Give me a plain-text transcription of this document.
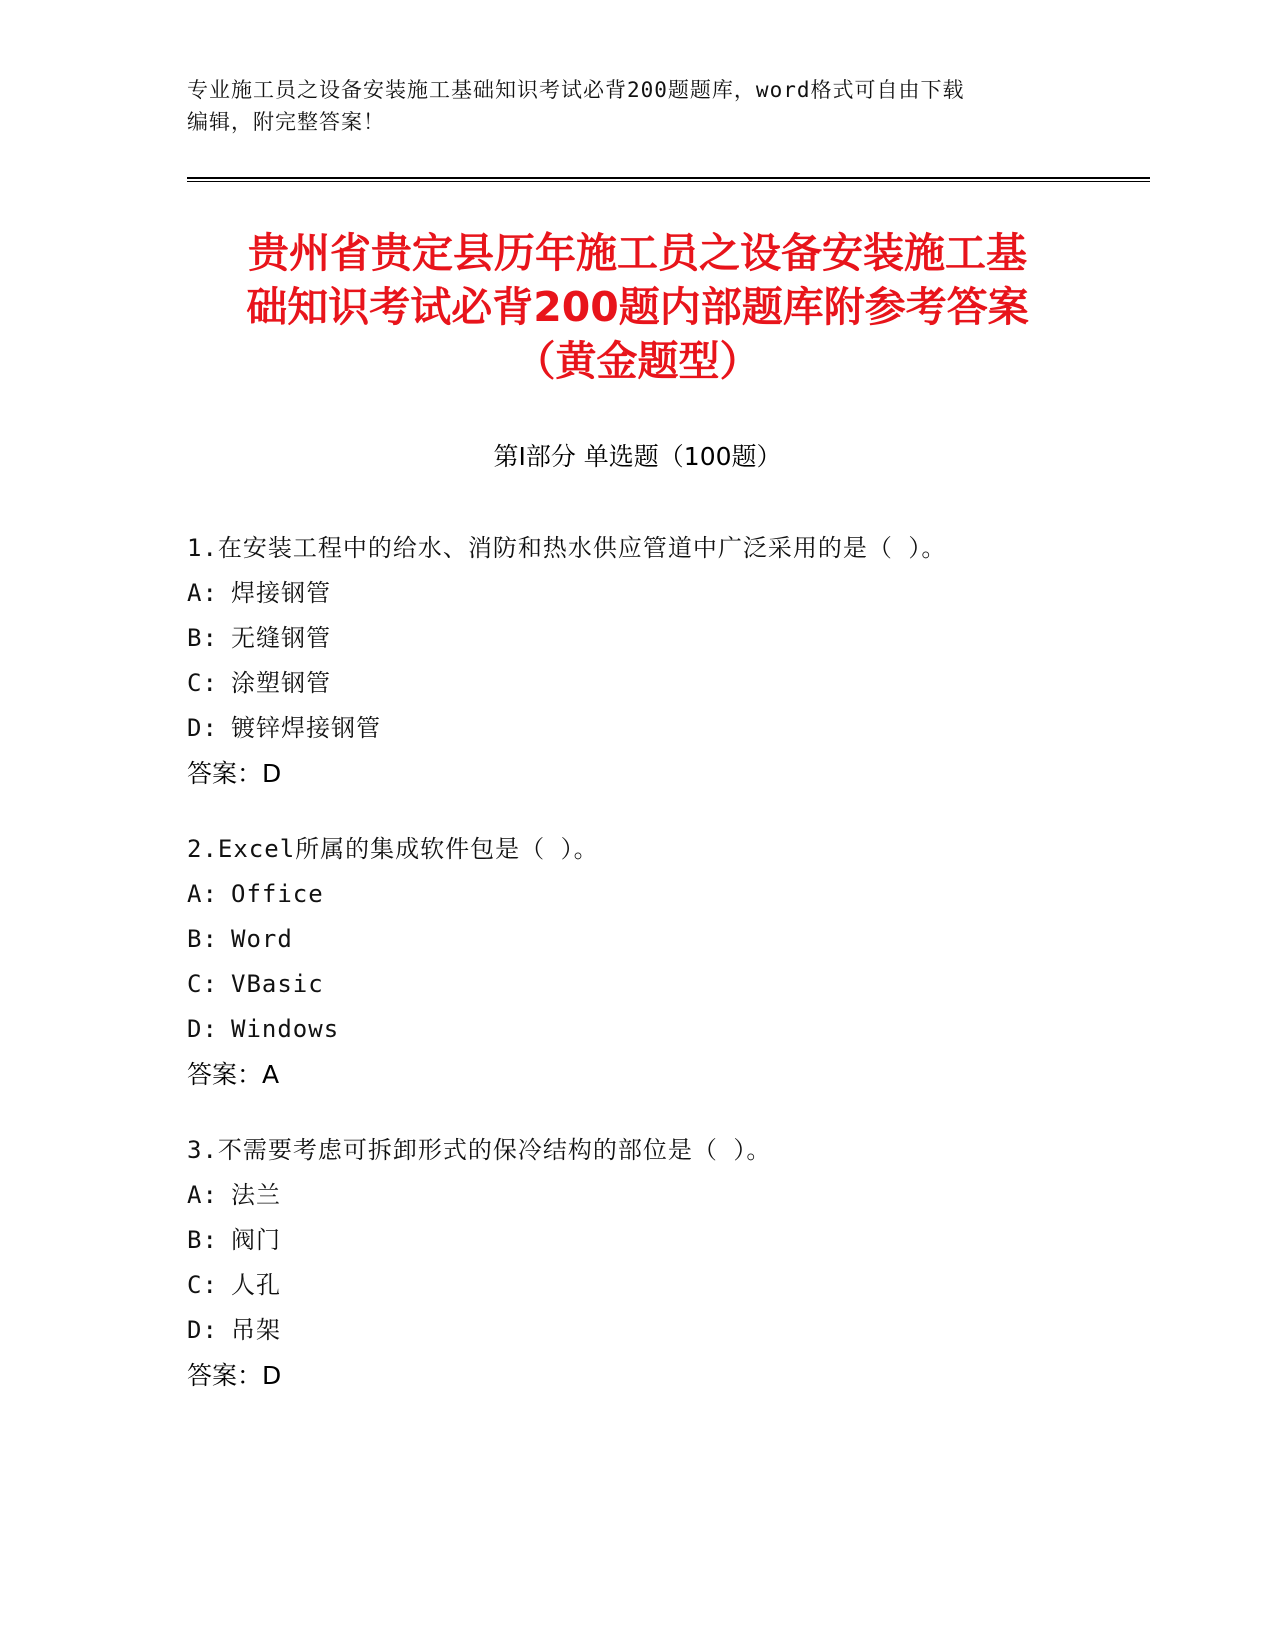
专业施工员之设备安装施工基础知识考试必背200题题库，word格式可自由下载
编辑，附完整答案！
贵州省贵定县历年施工员之设备安装施工基
础知识考试必背200题内部题库附参考答案
（黄金题型）
第Ⅰ部分 单选题（100题）
1.在安装工程中的给水、消防和热水供应管道中广泛采用的是（ ）。
A: 焊接钢管
B: 无缝钢管
C: 涂塑钢管
D: 镀锌焊接钢管
答案：D
2.Excel所属的集成软件包是（ ）。
A: Office
B: Word
C: VBasic
D: Windows
答案：A
3.不需要考虑可拆卸形式的保冷结构的部位是（ ）。
A: 法兰
B: 阀门
C: 人孔
D: 吊架
答案：D
